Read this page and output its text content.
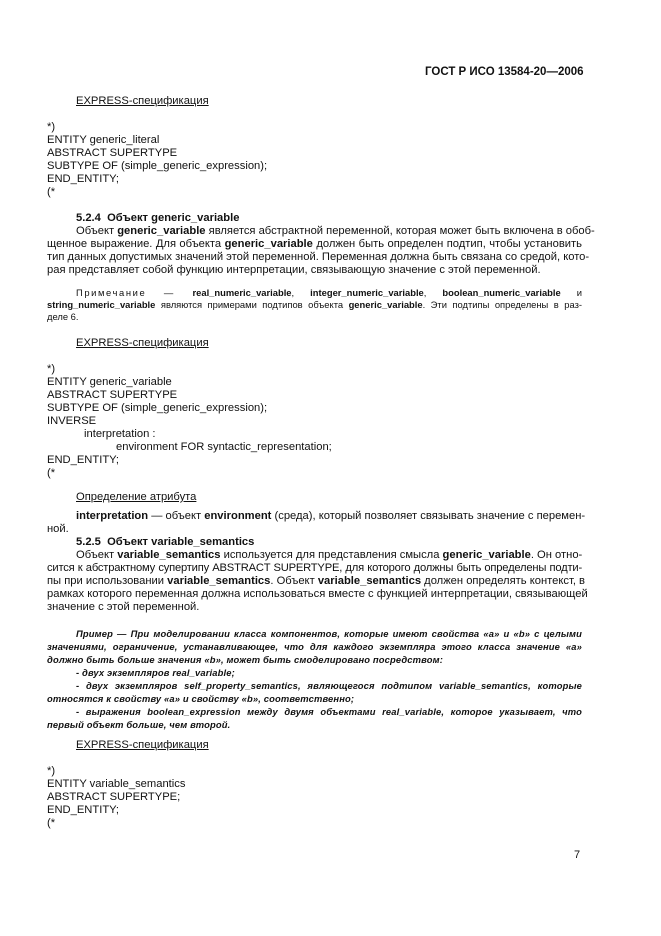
ГОСТ Р ИСО 13584-20—2006
EXPRESS-спецификация
*)
ENTITY generic_literal
ABSTRACT SUPERTYPE
SUBTYPE OF (simple_generic_expression);
END_ENTITY;
(*
5.2.4 Объект generic_variable
Объект generic_variable является абстрактной переменной, которая может быть включена в обоб-
щенное выражение. Для объекта generic_variable должен быть определен подтип, чтобы установить
тип данных допустимых значений этой переменной. Переменная должна быть связана со средой, кото-
рая представляет собой функцию интерпретации, связывающую значение с этой переменной.
Примечание — real_numeric_variable, integer_numeric_variable, boolean_numeric_variable и
string_numeric_variable являются примерами подтипов объекта generic_variable. Эти подтипы определены в раз-
деле 6.
EXPRESS-спецификация
*)
ENTITY generic_variable
ABSTRACT SUPERTYPE
SUBTYPE OF (simple_generic_expression);
INVERSE
interpretation :
environment FOR syntactic_representation;
END_ENTITY;
(*
Определение атрибута
interpretation — объект environment (среда), который позволяет связывать значение с перемен-
ной.
5.2.5 Объект variable_semantics
Объект variable_semantics используется для представления смысла generic_variable. Он отно-
сится к абстрактному супертипу ABSTRACT SUPERTYPE, для которого должны быть определены подти-
пы при использовании variable_semantics. Объект variable_semantics должен определять контекст, в
рамках которого переменная должна использоваться вместе с функцией интерпретации, связывающей
значение с этой переменной.
Пример — При моделировании класса компонентов, которые имеют свойства «а» и «b» с целыми
значениями, ограничение, устанавливающее, что для каждого экземпляра этого класса значение «а»
должно быть больше значения «b», может быть смоделировано посредством:
- двух экземпляров real_variable;
- двух экземпляров self_property_semantics, являющегося подтипом variable_semantics, которые
относятся к свойству «а» и свойству «b», соответственно;
- выражения boolean_expression между двумя объектами real_variable, которое указывает, что
первый объект больше, чем второй.
EXPRESS-спецификация
*)
ENTITY variable_semantics
ABSTRACT SUPERTYPE;
END_ENTITY;
(*
7
